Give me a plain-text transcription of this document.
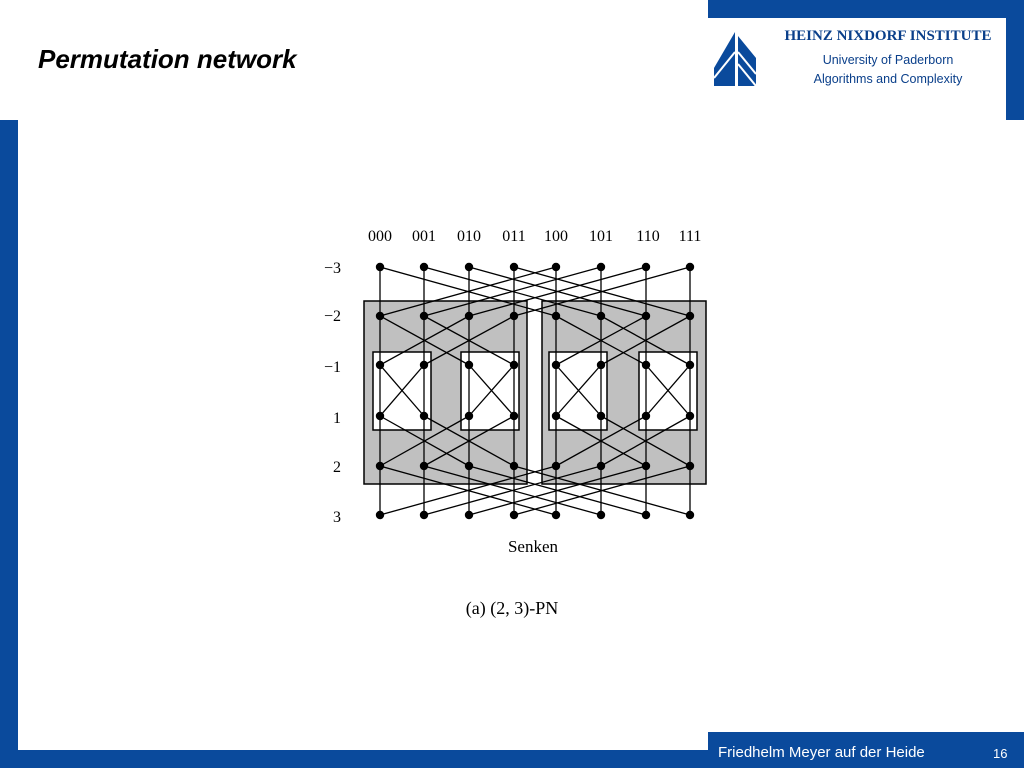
HEINZ NIXDORF INSTITUTE
University of Paderborn
Algorithms and Complexity
Permutation network
000 001 010 011 100 101 110 111
−3
−2
−1
1
2
3
Senken
(a) (2, 3)-PN
Friedhelm Meyer auf der Heide	16
